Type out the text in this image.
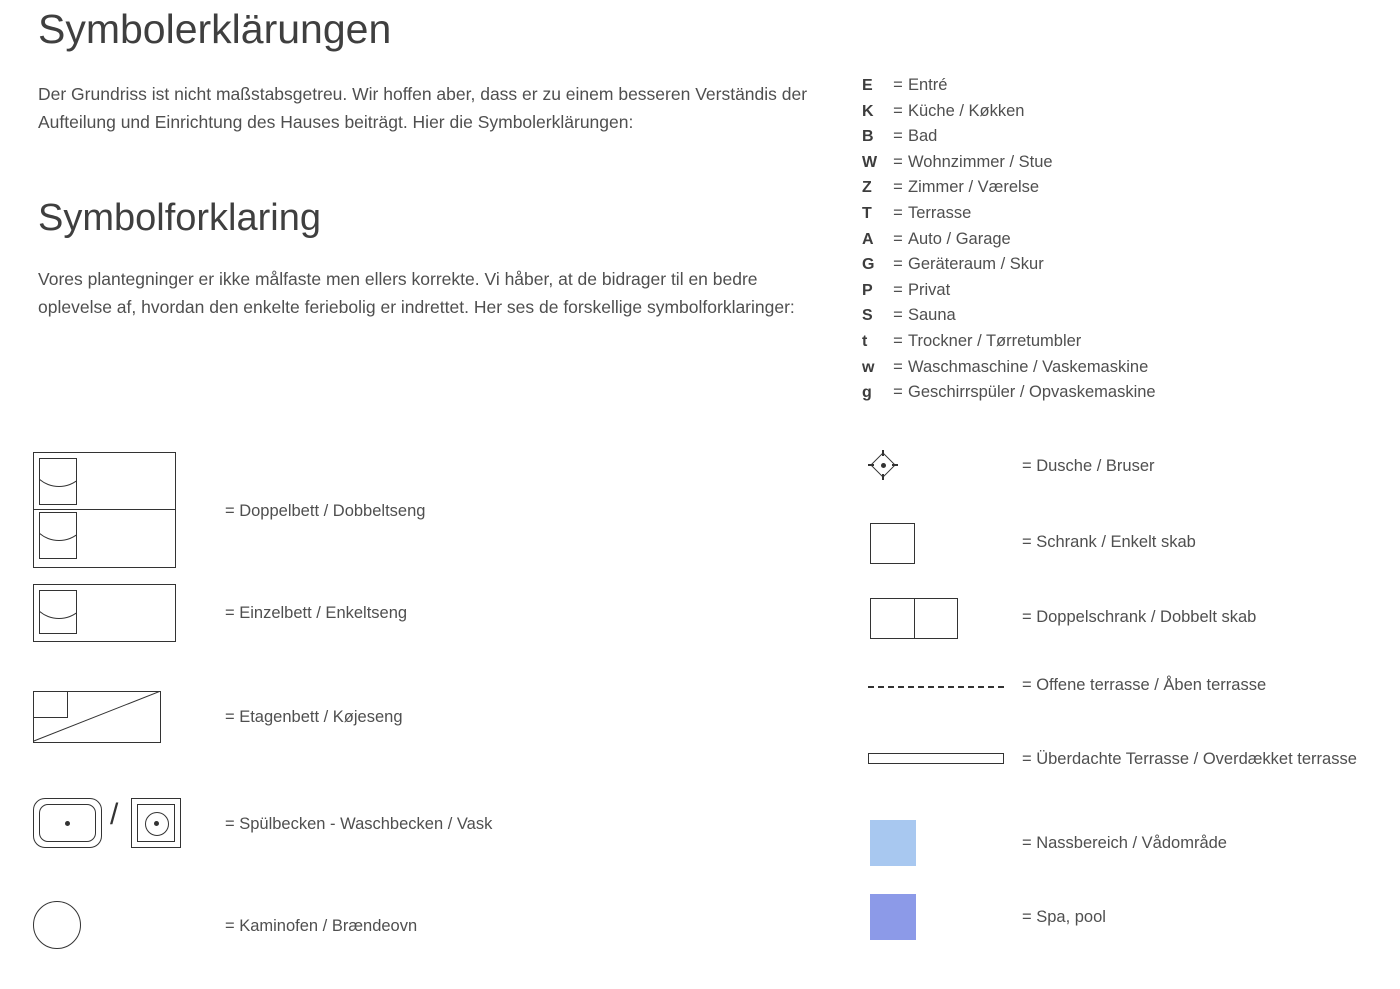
Symbolerklärungen

Der Grundriss ist nicht maßstabsgetreu. Wir hoffen aber, dass er zu einem besseren Verständis der Aufteilung und Einrichtung des Hauses beiträgt. Hier die Symbolerklärungen:

Symbolforklaring

Vores plantegninger er ikke målfaste men ellers korrekte. Vi håber, at de bidrager til en bedre oplevelse af, hvordan den enkelte feriebolig er indrettet. Her ses de forskellige symbolforklaringer:

E	= Entré
K	= Küche / Køkken
B	= Bad
W = Wohnzimmer / Stue
Z	= Zimmer / Værelse
T	= Terrasse
A	= Auto / Garage
G	= Geräteraum / Skur
P	= Privat
S	= Sauna
t	= Trockner / Tørretumbler
w	= Waschmaschine / Vaskemaskine
g	= Geschirrspüler / Opvaskemaskine
= Doppelbett / Dobbeltseng
= Einzelbett / Enkeltseng
= Etagenbett / Køjeseng
/	= Spülbecken - Waschbecken / Vask
= Kaminofen / Brændeovn
= Dusche / Bruser
= Schrank / Enkelt skab
= Doppelschrank / Dobbelt skab
= Offene terrasse / Åben terrasse
= Überdachte Terrasse / Overdækket terrasse
= Nassbereich / Vådområde
= Spa, pool
